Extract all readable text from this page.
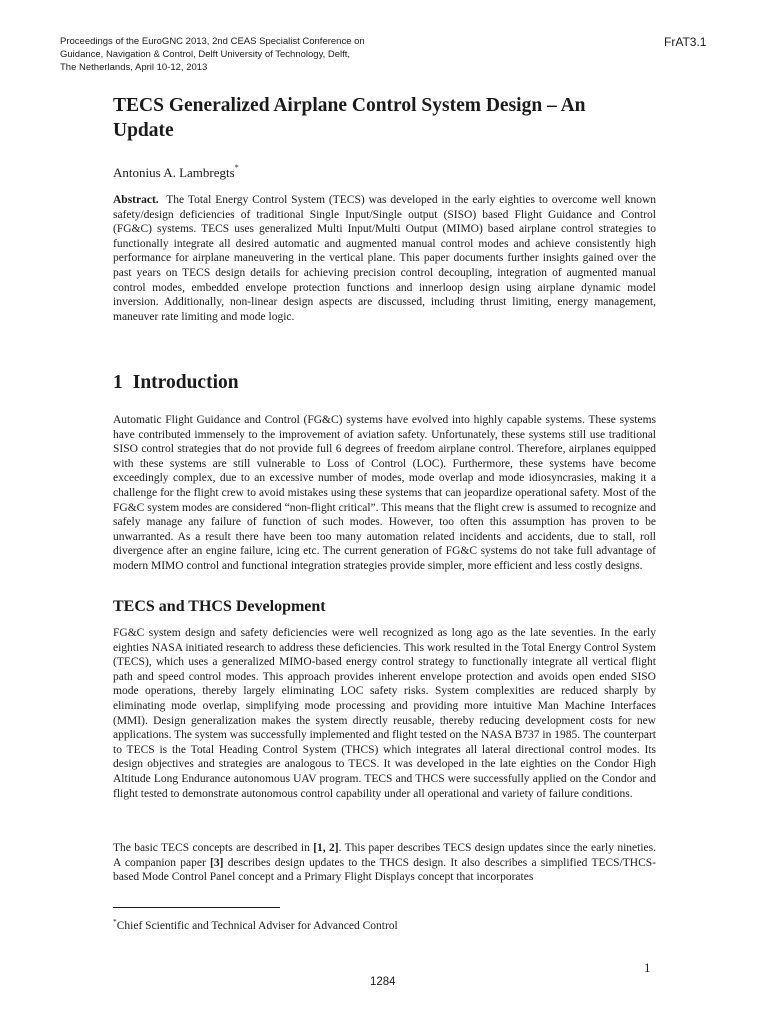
Proceedings of the EuroGNC 2013, 2nd CEAS Specialist Conference on
Guidance, Navigation & Control, Delft University of Technology, Delft,
The Netherlands, April 10-12, 2013
FrAT3.1
TECS Generalized Airplane Control System Design – An Update
Antonius A. Lambregts*

Abstract. The Total Energy Control System (TECS) was developed in the early eighties to overcome well known safety/design deficiencies of traditional Single Input/Single output (SISO) based Flight Guidance and Control (FG&C) systems. TECS uses generalized Multi Input/Multi Output (MIMO) based airplane control strategies to functionally integrate all desired automatic and augmented manual control modes and achieve consistently high performance for airplane maneuvering in the vertical plane. This paper documents further insights gained over the past years on TECS design details for achieving precision control decoupling, integration of augmented manual control modes, embedded envelope protection functions and innerloop design using airplane dynamic model inversion. Additionally, non-linear design aspects are discussed, including thrust limiting, energy management, maneuver rate limiting and mode logic.

1 Introduction

Automatic Flight Guidance and Control (FG&C) systems have evolved into highly capable systems. These systems have contributed immensely to the improvement of aviation safety. Unfortunately, these systems still use traditional SISO control strategies that do not provide full 6 degrees of freedom airplane control. Therefore, airplanes equipped with these systems are still vulnerable to Loss of Control (LOC). Furthermore, these systems have become exceedingly complex, due to an excessive number of modes, mode overlap and mode idiosyncrasies, making it a challenge for the flight crew to avoid mistakes using these systems that can jeopardize operational safety. Most of the FG&C system modes are considered “non-flight critical”. This means that the flight crew is assumed to recognize and safely manage any failure of function of such modes. However, too often this assumption has proven to be unwarranted. As a result there have been too many automation related incidents and accidents, due to stall, roll divergence after an engine failure, icing etc. The current generation of FG&C systems do not take full advantage of modern MIMO control and functional integration strategies provide simpler, more efficient and less costly designs.

TECS and THCS Development

FG&C system design and safety deficiencies were well recognized as long ago as the late seventies. In the early eighties NASA initiated research to address these deficiencies. This work resulted in the Total Energy Control System (TECS), which uses a generalized MIMO-based energy control strategy to functionally integrate all vertical flight path and speed control modes. This approach provides inherent envelope protection and avoids open ended SISO mode operations, thereby largely eliminating LOC safety risks. System complexities are reduced sharply by eliminating mode overlap, simplifying mode processing and providing more intuitive Man Machine Interfaces (MMI). Design generalization makes the system directly reusable, thereby reducing development costs for new applications. The system was successfully implemented and flight tested on the NASA B737 in 1985. The counterpart to TECS is the Total Heading Control System (THCS) which integrates all lateral directional control modes. Its design objectives and strategies are analogous to TECS. It was developed in the late eighties on the Condor High Altitude Long Endurance autonomous UAV program. TECS and THCS were successfully applied on the Condor and flight tested to demonstrate autonomous control capability under all operational and variety of failure conditions.

The basic TECS concepts are described in [1, 2]. This paper describes TECS design updates since the early nineties. A companion paper [3] describes design updates to the THCS design. It also describes a simplified TECS/THCS-based Mode Control Panel concept and a Primary Flight Displays concept that incorporates

*Chief Scientific and Technical Adviser for Advanced Control
1
1284
